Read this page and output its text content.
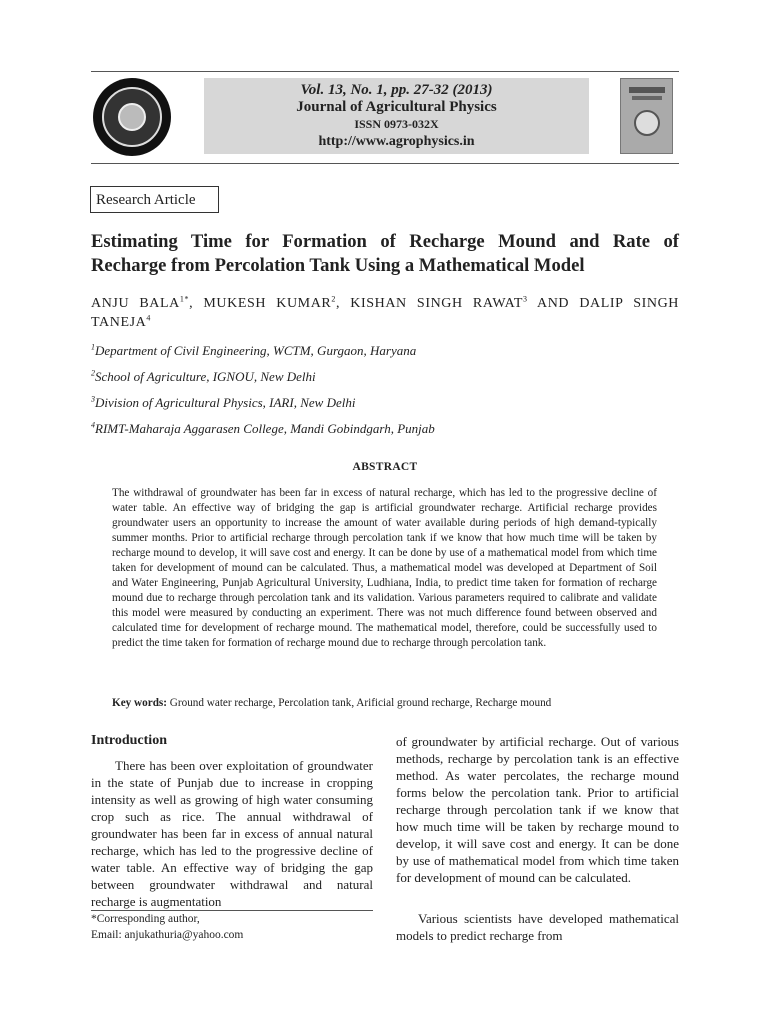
Vol. 13, No. 1, pp. 27-32 (2013)
Journal of Agricultural Physics
ISSN 0973-032X
http://www.agrophysics.in
Research Article
Estimating Time for Formation of Recharge Mound and Rate of Recharge from Percolation Tank Using a Mathematical Model
ANJU $BALA^{1*}$, MUKESH KUMAR$^2$, KISHAN SINGH RAWAT$^3$ AND DALIP SINGH TANEJA$^4$
$^1$Department of Civil Engineering, WCTM, Gurgaon, Haryana
$^2$School of Agriculture, IGNOU, New Delhi
$^3$Division of Agricultural Physics, IARI, New Delhi
$^4$RIMT-Maharaja Aggarasen College, Mandi Gobindgarh, Punjab
ABSTRACT
The withdrawal of groundwater has been far in excess of natural recharge, which has led to the progressive decline of water table. An effective way of bridging the gap is artificial groundwater recharge. Artificial recharge provides groundwater users an opportunity to increase the amount of water available during periods of high demand-typically summer months. Prior to artificial recharge through percolation tank if we know that how much time will be taken by recharge mound to develop, it will save cost and energy. It can be done by use of a mathematical model from which time taken for development of mound can be calculated. Thus, a mathematical model was developed at Department of Soil and Water Engineering, Punjab Agricultural University, Ludhiana, India, to predict time taken for formation of recharge mound due to recharge through percolation tank and its validation. Various parameters required to calibrate and validate this model were measured by conducting an experiment. There was not much difference found between observed and calculated time for development of recharge mound. The mathematical model, therefore, could be successfully used to predict the time taken for formation of recharge mound due to recharge through percolation tank.
Key words: Ground water recharge, Percolation tank, Arificial ground recharge, Recharge mound
Introduction
There has been over exploitation of groundwater in the state of Punjab due to increase in cropping intensity as well as growing of high water consuming crop such as rice. The annual withdrawal of groundwater has been far in excess of annual natural recharge, which has led to the progressive decline of water table. An effective way of bridging the gap between groundwater withdrawal and natural recharge is augmentation
of groundwater by artificial recharge. Out of various methods, recharge by percolation tank is an effective method. As water percolates, the recharge mound forms below the percolation tank. Prior to artificial recharge through percolation tank if we know that how much time will be taken by recharge mound to develop, it will save cost and energy. It can be done by use of mathematical model from which time taken for development of mound can be calculated.
Various scientists have developed mathematical models to predict recharge from
*Corresponding author,
Email: anjukathuria@yahoo.com
